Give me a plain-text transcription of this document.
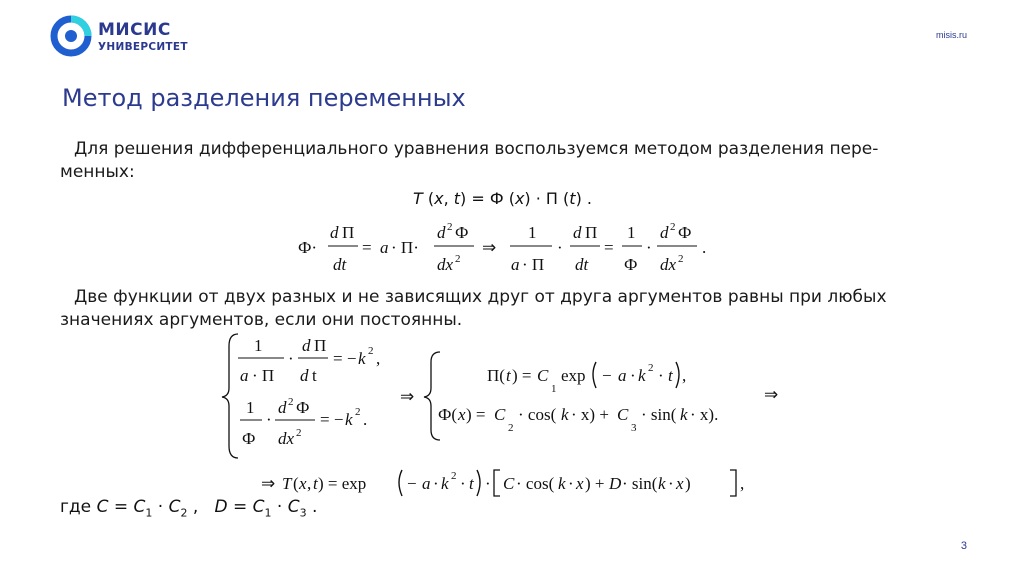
МИСИС
УНИВЕРСИТЕТ
misis.ru
Метод разделения переменных

Для решения дифференциального уравнения воспользуемся методом разделения пере-
менных:

T (x, t) = Ф (x) · П (t) .

Две функции от двух разных и не зависящих друг от друга аргументов равны при любых
значениях аргументов, если они постоянны.

Ф·
d П
dt
= a · П·
d 2 Ф
dx 2
⇒
1
a · П
·
d П
dt
=
1
Ф
·
d 2 Ф
dx 2
.
1
a · П
·
d П
d t
= − k 2 ,
1
Ф
·
d 2 Ф
dx 2
= − k 2 .
⇒
П( t ) = C
1
exp − a · k 2 · t ,
Ф( x ) = C
2
· cos( k · x) + C
3
· sin( k · x).
⇒
⇒ T ( x , t ) = exp − a · k 2 · t · C · cos( k · x ) + D · sin( k · x )	,
где $С = С_1 \cdot С_2$ ,   $D = С_1 \cdot С_3$ .
3
